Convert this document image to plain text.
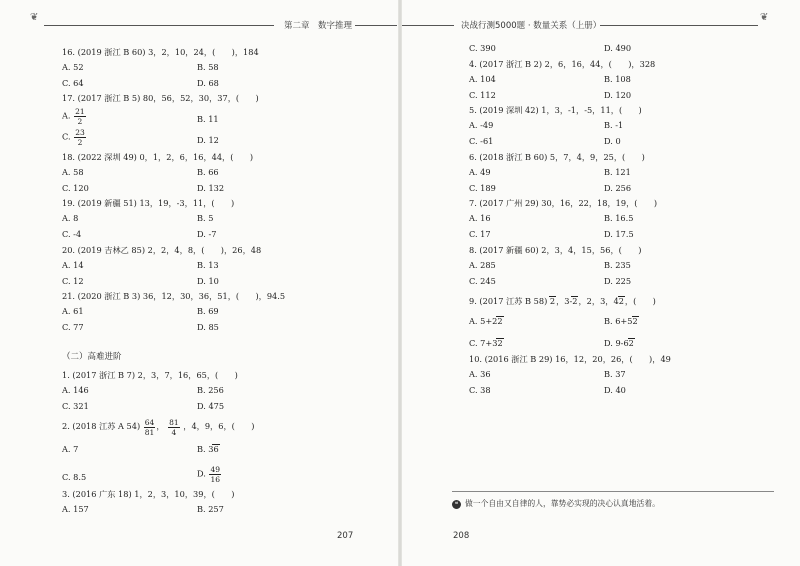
❦
第二章　数字推理	决战行测5000题 · 数量关系（上册）
❦
16. (2019 浙江 B 60) 3，2，10，24，(　　)，184
A. 52	B. 58
C. 64	D. 68
17. (2017 浙江 B 5) 80，56，52，30，37，(　　)
A. $\frac{21}{2}$	B. 11
C. $\frac{23}{2}$	D. 12
18. (2022 深圳 49) 0，1，2，6，16，44，(　　)
A. 58	B. 66
C. 120	D. 132
19. (2019 新疆 51) 13，19，-3，11，(　　)
A. 8	B. 5
C. -4	D. -7
20. (2019 吉林乙 85) 2，2，4，8，(　　)，26，48
A. 14	B. 13
C. 12	D. 10
21. (2020 浙江 B 3) 36，12，30，36，51，(　　)，94.5
A. 61	B. 69
C. 77	D. 85
（二）高难进阶
1. (2017 浙江 B 7) 2，3，7，16，65，(　　)
A. 146	B. 256
C. 321	D. 475
2. (2018 江苏 A $54) \frac{64}{81}$ ， $\frac{81}{4}$ ，4，9，6，(　　)
A. 7	B. 36
C. 8.5	D. $\frac{49}{16}$
3. (2016 广东 18) 1，2，3，10，39，(　　)
A. 157	B. 257
207
C. 390	D. 490
4. (2017 浙江 B 2) 2，6，16，44，(　　)，328
A. 104	B. 108
C. 112	D. 120
5. (2019 深圳 42) 1，3，-1，-5，11，(　　)
A. -49	B. -1
C. -61	D. 0
6. (2018 浙江 B 60) 5，7，4，9，25，(　　)
A. 49	B. 121
C. 189	D. 256
7. (2017 广州 29) 30，16，22，18，19，(　　)
A. 16	B. 16.5
C. 17	D. 17.5
8. (2017 新疆 60) 2，3，4，15，56，(　　)
A. 285	B. 235
C. 245	D. 225
9. (2017 江苏 B 58) 2，3-2，2，3，42，(　　)
A. 5+22	B. 6+52
C. 7+32	D. 9-62
10. (2016 浙江 B 29) 16，12，20，26，(　　)，49
A. 36	B. 37
C. 38	D. 40
❝ 做一个自由又自律的人，靠势必实现的决心认真地活着。
208
